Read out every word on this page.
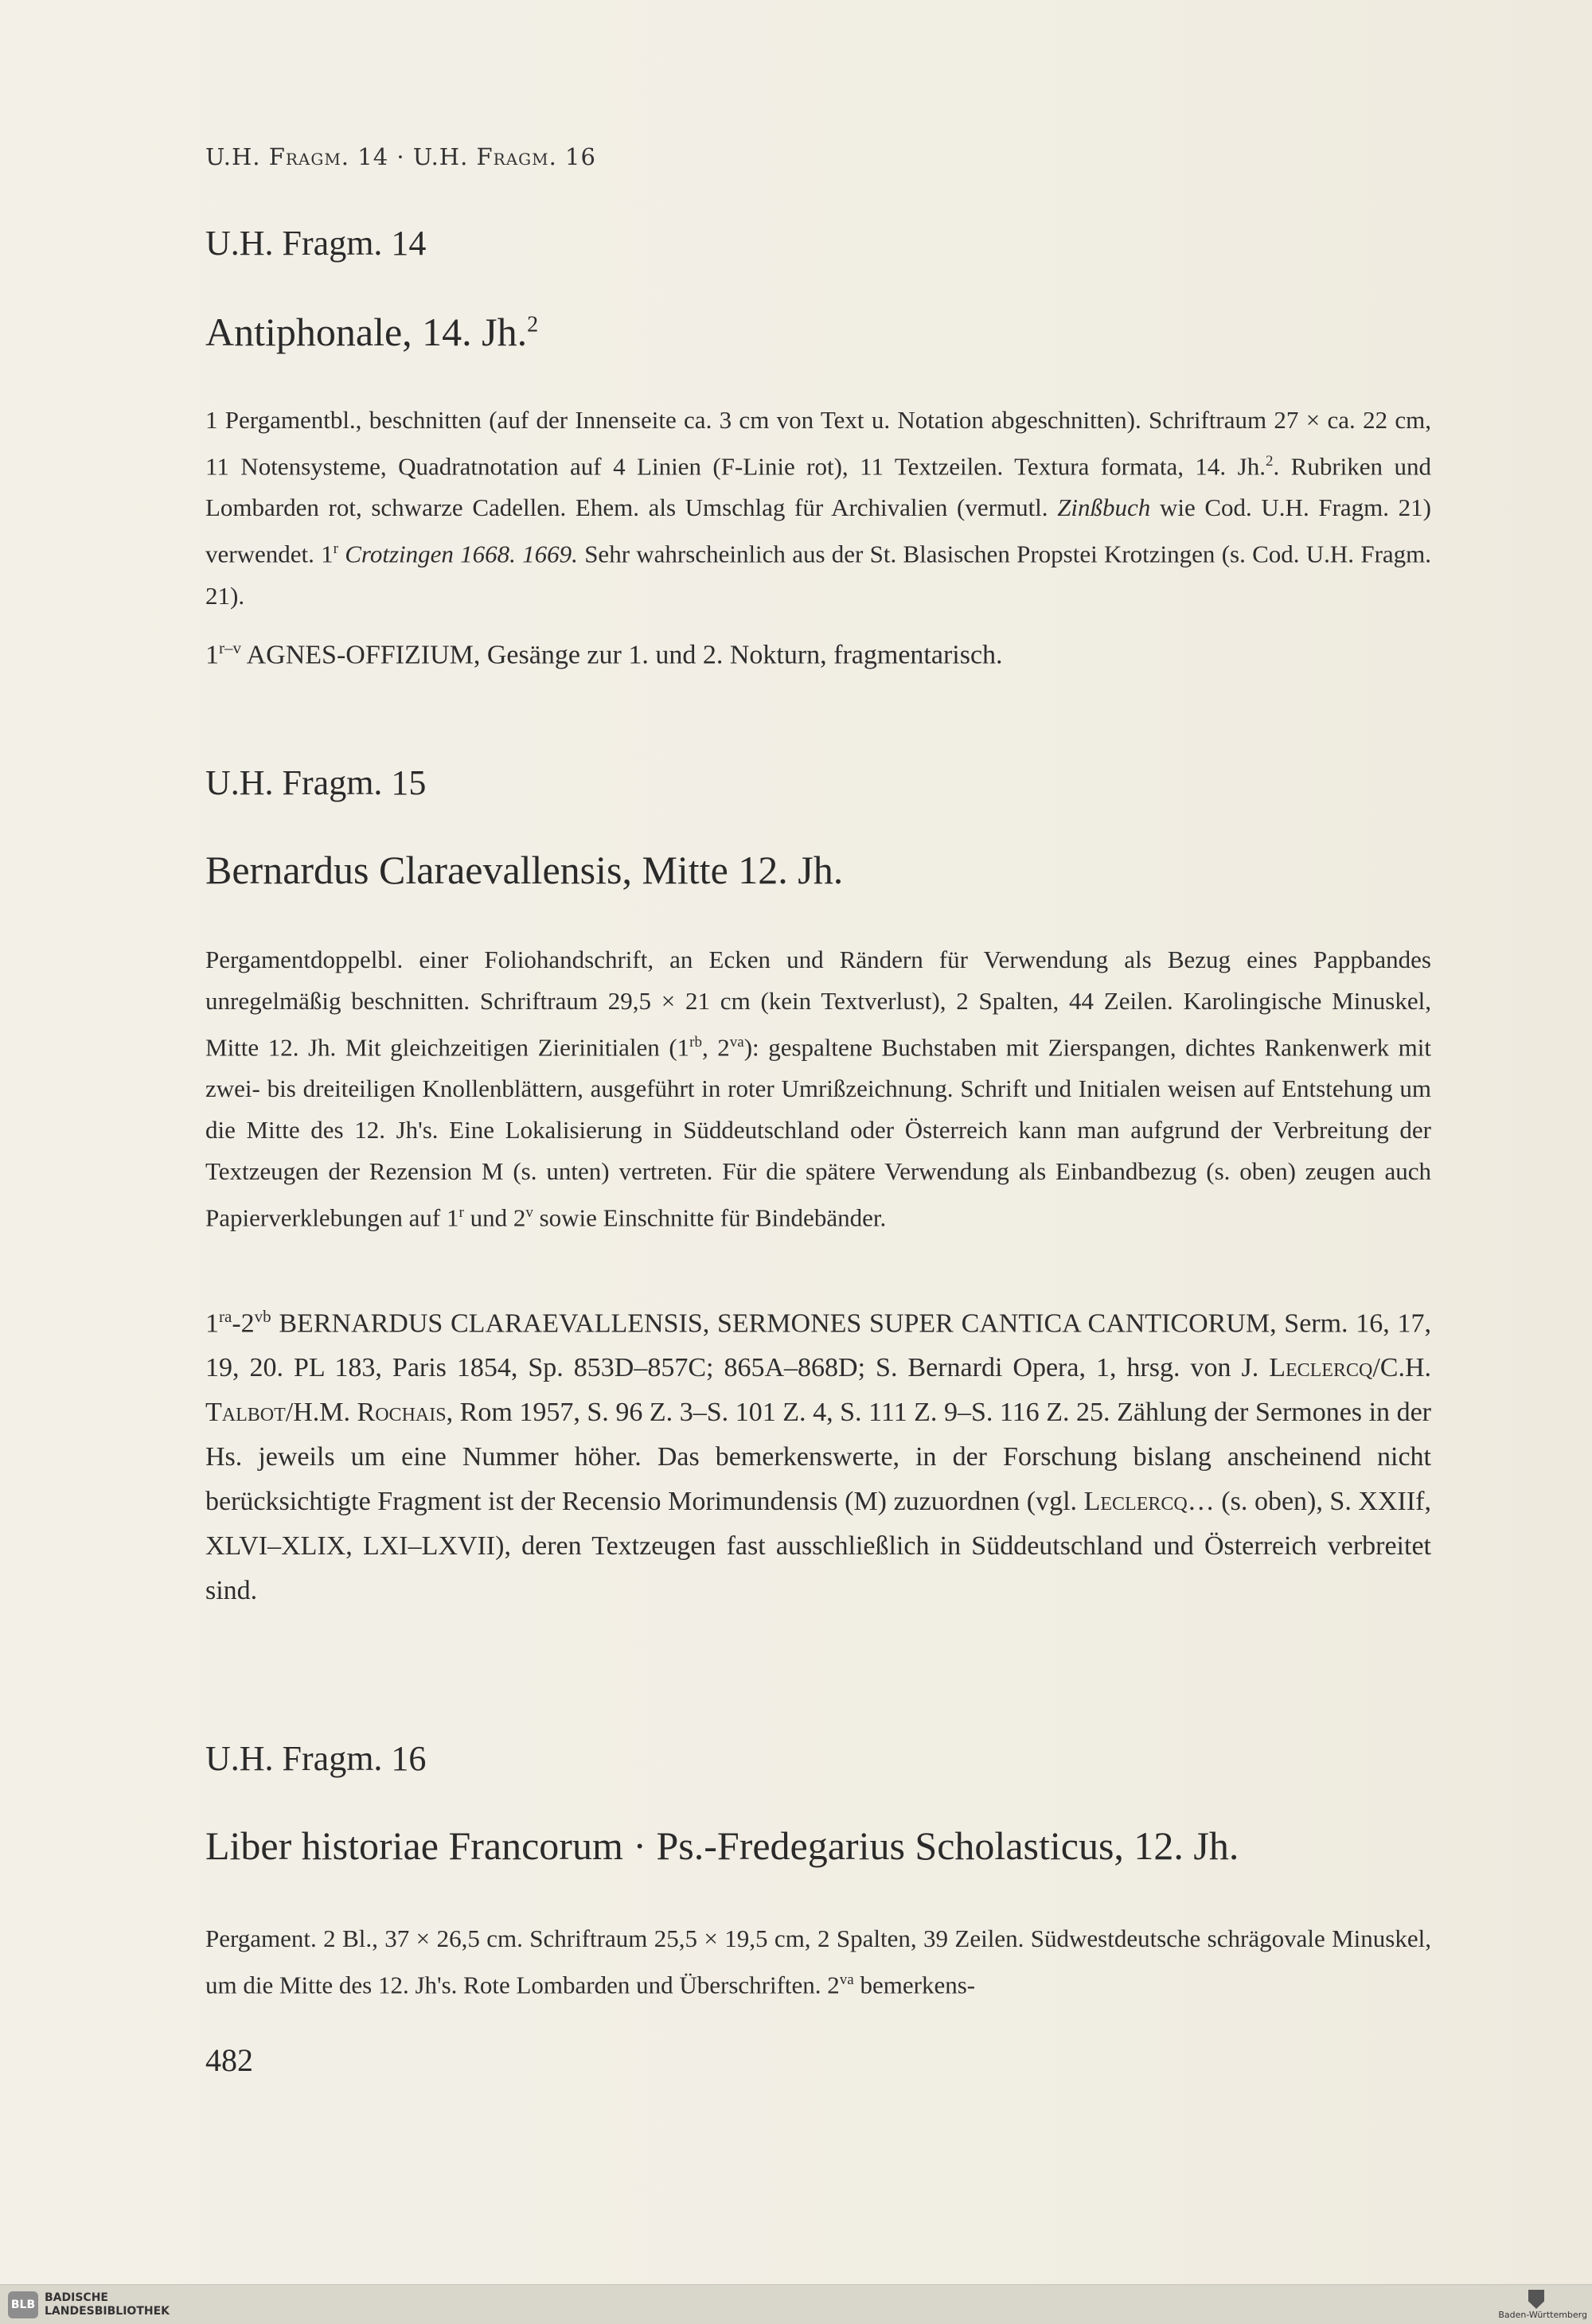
U.H. Fragm. 14 · U.H. Fragm. 16
U.H. Fragm. 14
Antiphonale, 14. Jh.$^2$
1 Pergamentbl., beschnitten (auf der Innenseite ca. 3 cm von Text u. Notation abgeschnitten). Schriftraum 27 × ca. 22 cm, 11 Notensysteme, Quadratnotation auf 4 Linien (F-Linie rot), 11 Textzeilen. Textura formata, 14. Jh.$^2$. Rubriken und Lombarden rot, schwarze Cadellen. Ehem. als Umschlag für Archivalien (vermutl. Zinßbuch wie Cod. U.H. Fragm. 21) verwendet. 1$^r$ Crotzingen 1668. 1669. Sehr wahrscheinlich aus der St. Blasischen Propstei Krotzingen (s. Cod. U.H. Fragm. 21).
1$^{r-v}$ AGNES-OFFIZIUM, Gesänge zur 1. und 2. Nokturn, fragmentarisch.
U.H. Fragm. 15
Bernardus Claraevallensis, Mitte 12. Jh.
Pergamentdoppelbl. einer Foliohandschrift, an Ecken und Rändern für Verwendung als Bezug eines Pappbandes unregelmäßig beschnitten. Schriftraum 29,5 × 21 cm (kein Textverlust), 2 Spalten, 44 Zeilen. Karolingische Minuskel, Mitte 12. Jh. Mit gleichzeitigen Zierinitialen ($1^{rb}$, $2^{va}$): gespaltene Buchstaben mit Zierspangen, dichtes Rankenwerk mit zwei- bis dreiteiligen Knollenblättern, ausgeführt in roter Umrißzeichnung. Schrift und Initialen weisen auf Entstehung um die Mitte des 12. Jh's. Eine Lokalisierung in Süddeutschland oder Österreich kann man aufgrund der Verbreitung der Textzeugen der Rezension M (s. unten) vertreten. Für die spätere Verwendung als Einbandbezug (s. oben) zeugen auch Papierverklebungen auf 1$^r$ und 2$^v$ sowie Einschnitte für Bindebänder.
$1^{ra}-2^{vb}$ BERNARDUS CLARAEVALLENSIS, SERMONES SUPER CANTICA CANTICORUM, Serm. 16, 17, 19, 20. PL 183, Paris 1854, Sp. 853D–857C; 865A–868D; S. Bernardi Opera, 1, hrsg. von J. Leclercq/C.H. Talbot/H.M. Rochais, Rom 1957, S. 96 Z. 3–S. 101 Z. 4, S. 111 Z. 9–S. 116 Z. 25. Zählung der Sermones in der Hs. jeweils um eine Nummer höher. Das bemerkenswerte, in der Forschung bislang anscheinend nicht berücksichtigte Fragment ist der Recensio Morimundensis (M) zuzuordnen (vgl. Leclercq… (s. oben), S. XXIIf, XLVI–XLIX, LXI–LXVII), deren Textzeugen fast ausschließlich in Süddeutschland und Österreich verbreitet sind.
U.H. Fragm. 16
Liber historiae Francorum · Ps.-Fredegarius Scholasticus, 12. Jh.
Pergament. 2 Bl., 37 × 26,5 cm. Schriftraum 25,5 × 19,5 cm, 2 Spalten, 39 Zeilen. Südwestdeutsche schrägovale Minuskel, um die Mitte des 12. Jh's. Rote Lombarden und Überschriften. $2^{va}$ bemerkens-
482
BLB
BADISCHE
LANDESBIBLIOTHEK	Baden-Württemberg
